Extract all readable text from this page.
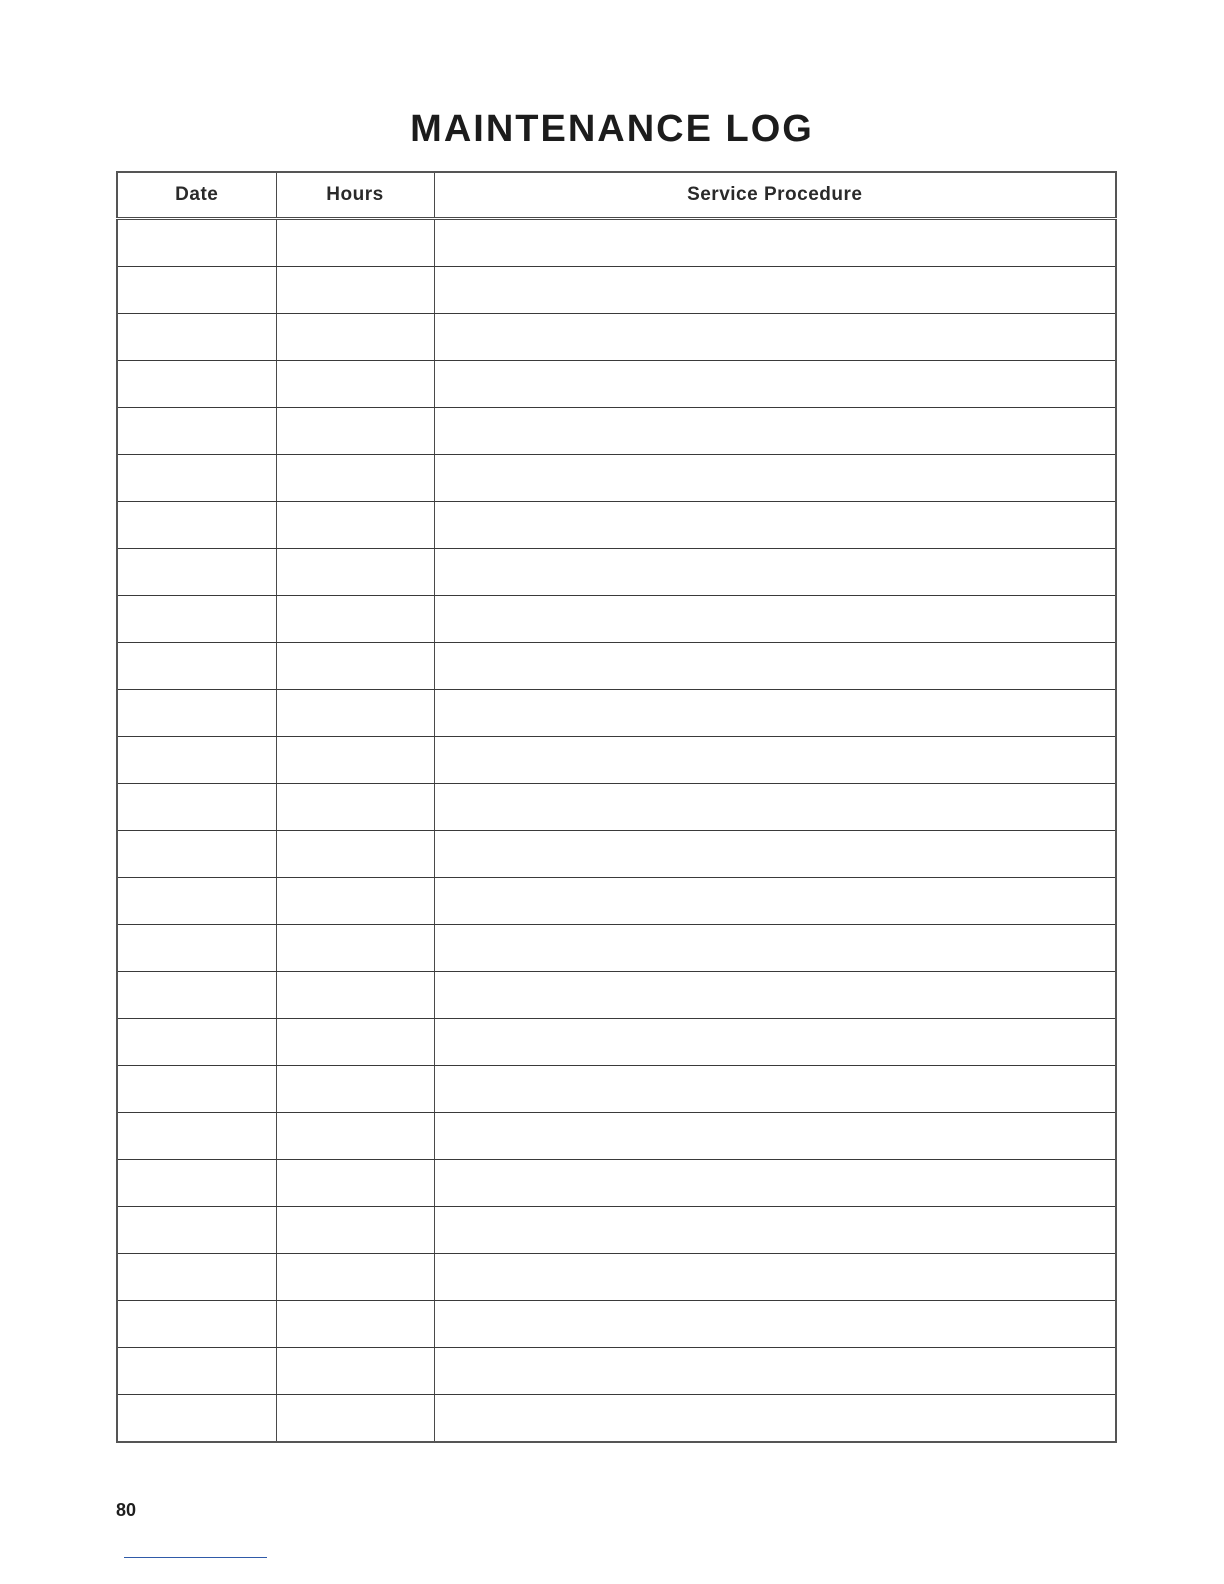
MAINTENANCE LOG
Date	Hours	Service Procedure

80
